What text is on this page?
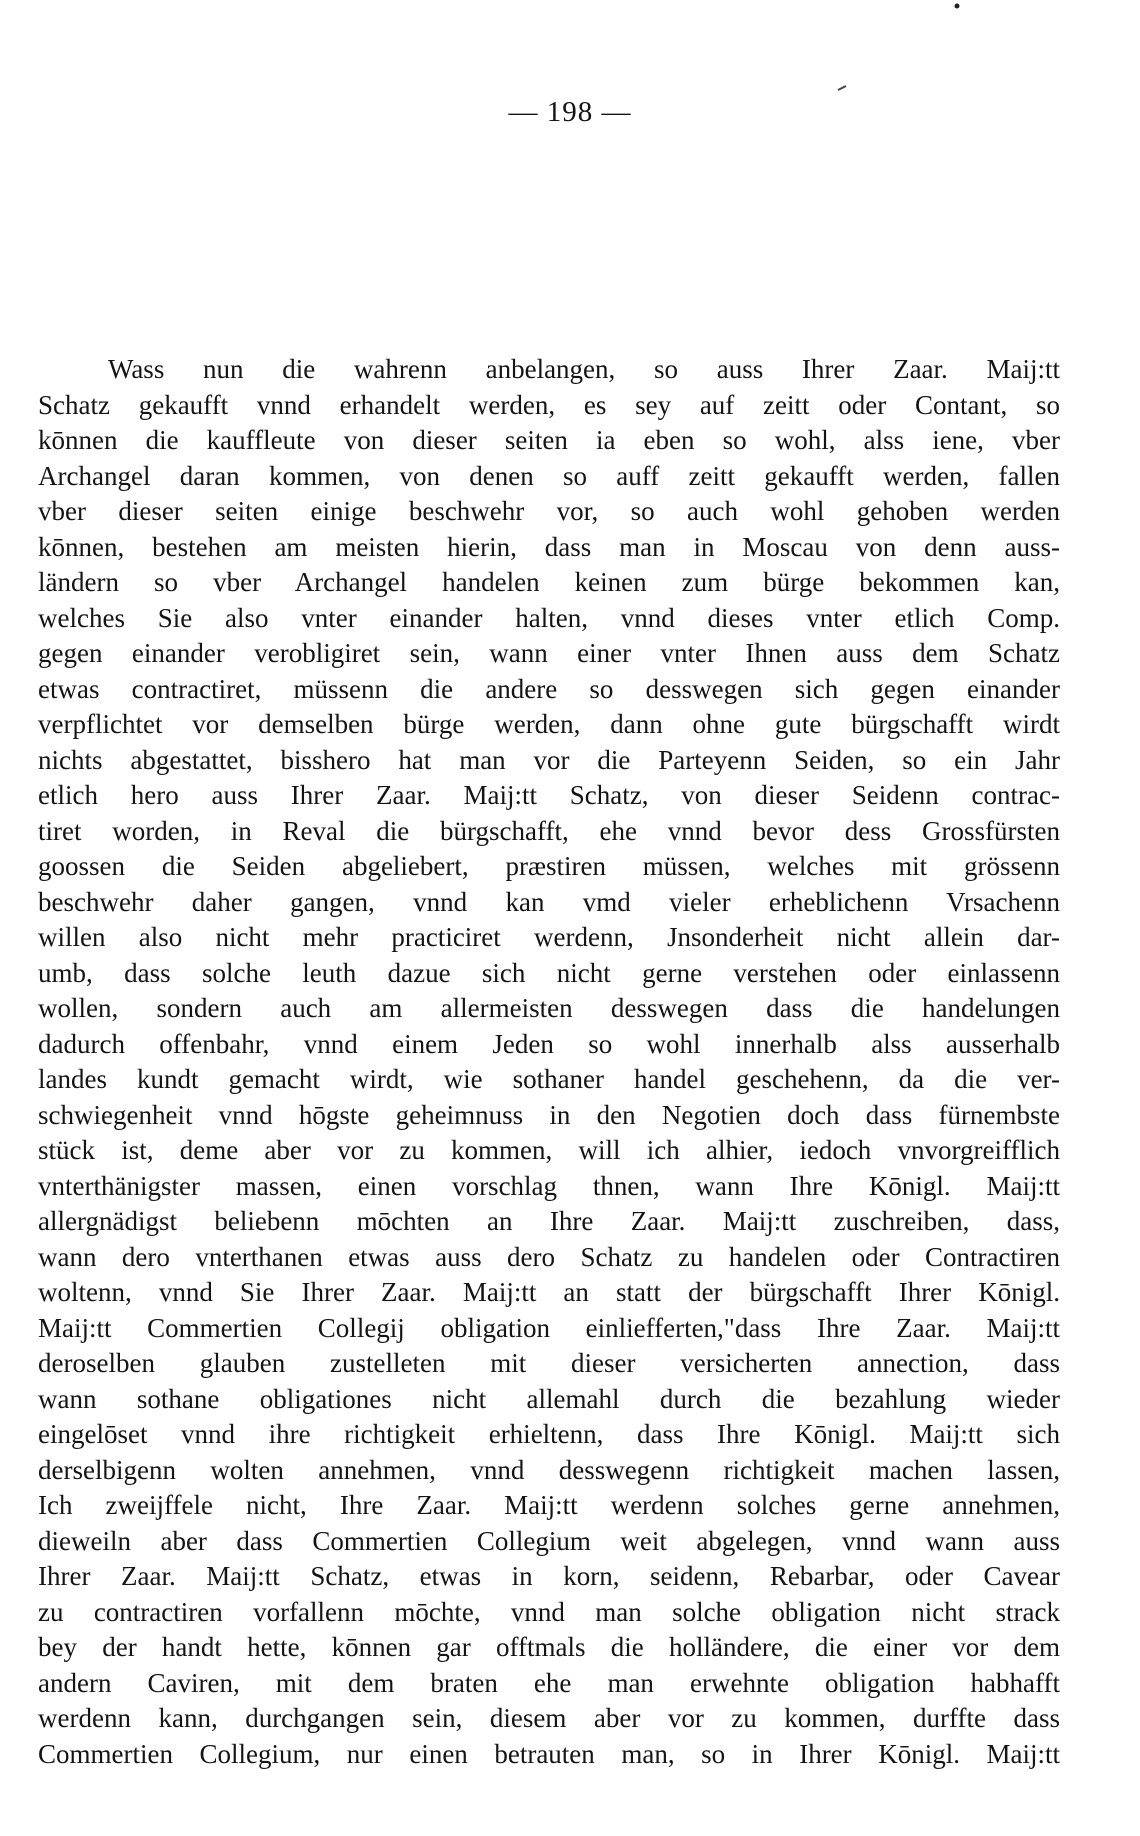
— 198 —
Wass nun die wahrenn anbelangen, so auss Ihrer Zaar. Maij:tt
Schatz gekaufft vnnd erhandelt werden, es sey auf zeitt oder Contant, so
kōnnen die kauffleute von dieser seiten ia eben so wohl, alss iene, vber
Archangel daran kommen, von denen so auff zeitt gekaufft werden, fallen
vber dieser seiten einige beschwehr vor, so auch wohl gehoben werden
kōnnen, bestehen am meisten hierin, dass man in Moscau von denn auss-
ländern so vber Archangel handelen keinen zum bürge bekommen kan,
welches Sie also vnter einander halten, vnnd dieses vnter etlich Comp.
gegen einander verobligiret sein, wann einer vnter Ihnen auss dem Schatz
etwas contractiret, müssenn die andere so desswegen sich gegen einander
verpflichtet vor demselben bürge werden, dann ohne gute bürgschafft wirdt
nichts abgestattet, bisshero hat man vor die Parteyenn Seiden, so ein Jahr
etlich hero auss Ihrer Zaar. Maij:tt Schatz, von dieser Seidenn contrac-
tiret worden, in Reval die bürgschafft, ehe vnnd bevor dess Grossfürsten
goossen die Seiden abgeliebert, præstiren müssen, welches mit grössenn
beschwehr daher gangen, vnnd kan vmd vieler erheblichenn Vrsachenn
willen also nicht mehr practiciret werdenn, Jnsonderheit nicht allein dar-
umb, dass solche leuth dazue sich nicht gerne verstehen oder einlassenn
wollen, sondern auch am allermeisten desswegen dass die handelungen
dadurch offenbahr, vnnd einem Jeden so wohl innerhalb alss ausserhalb
landes kundt gemacht wirdt, wie sothaner handel geschehenn, da die ver-
schwiegenheit vnnd hōgste geheimnuss in den Negotien doch dass fürnembste
stück ist, deme aber vor zu kommen, will ich alhier, iedoch vnvorgreifflich
vnterthänigster massen, einen vorschlag thnen, wann Ihre Kōnigl. Maij:tt
allergnädigst beliebenn mōchten an Ihre Zaar. Maij:tt zuschreiben, dass,
wann dero vnterthanen etwas auss dero Schatz zu handelen oder Contractiren
woltenn, vnnd Sie Ihrer Zaar. Maij:tt an statt der bürgschafft Ihrer Kōnigl.
Maij:tt Commertien Collegij obligation einliefferten,"dass Ihre Zaar. Maij:tt
deroselben glauben zustelleten mit dieser versicherten annection, dass
wann sothane obligationes nicht allemahl durch die bezahlung wieder
eingelōset vnnd ihre richtigkeit erhieltenn, dass Ihre Kōnigl. Maij:tt sich
derselbigenn wolten annehmen, vnnd desswegenn richtigkeit machen lassen,
Ich zweijffele nicht, Ihre Zaar. Maij:tt werdenn solches gerne annehmen,
dieweiln aber dass Commertien Collegium weit abgelegen, vnnd wann auss
Ihrer Zaar. Maij:tt Schatz, etwas in korn, seidenn, Rebarbar, oder Cavear
zu contractiren vorfallenn mōchte, vnnd man solche obligation nicht strack
bey der handt hette, kōnnen gar offtmals die holländere, die einer vor dem
andern Caviren, mit dem braten ehe man erwehnte obligation habhafft
werdenn kann, durchgangen sein, diesem aber vor zu kommen, durffte dass
Commertien Collegium, nur einen betrauten man, so in Ihrer Kōnigl. Maij:tt
